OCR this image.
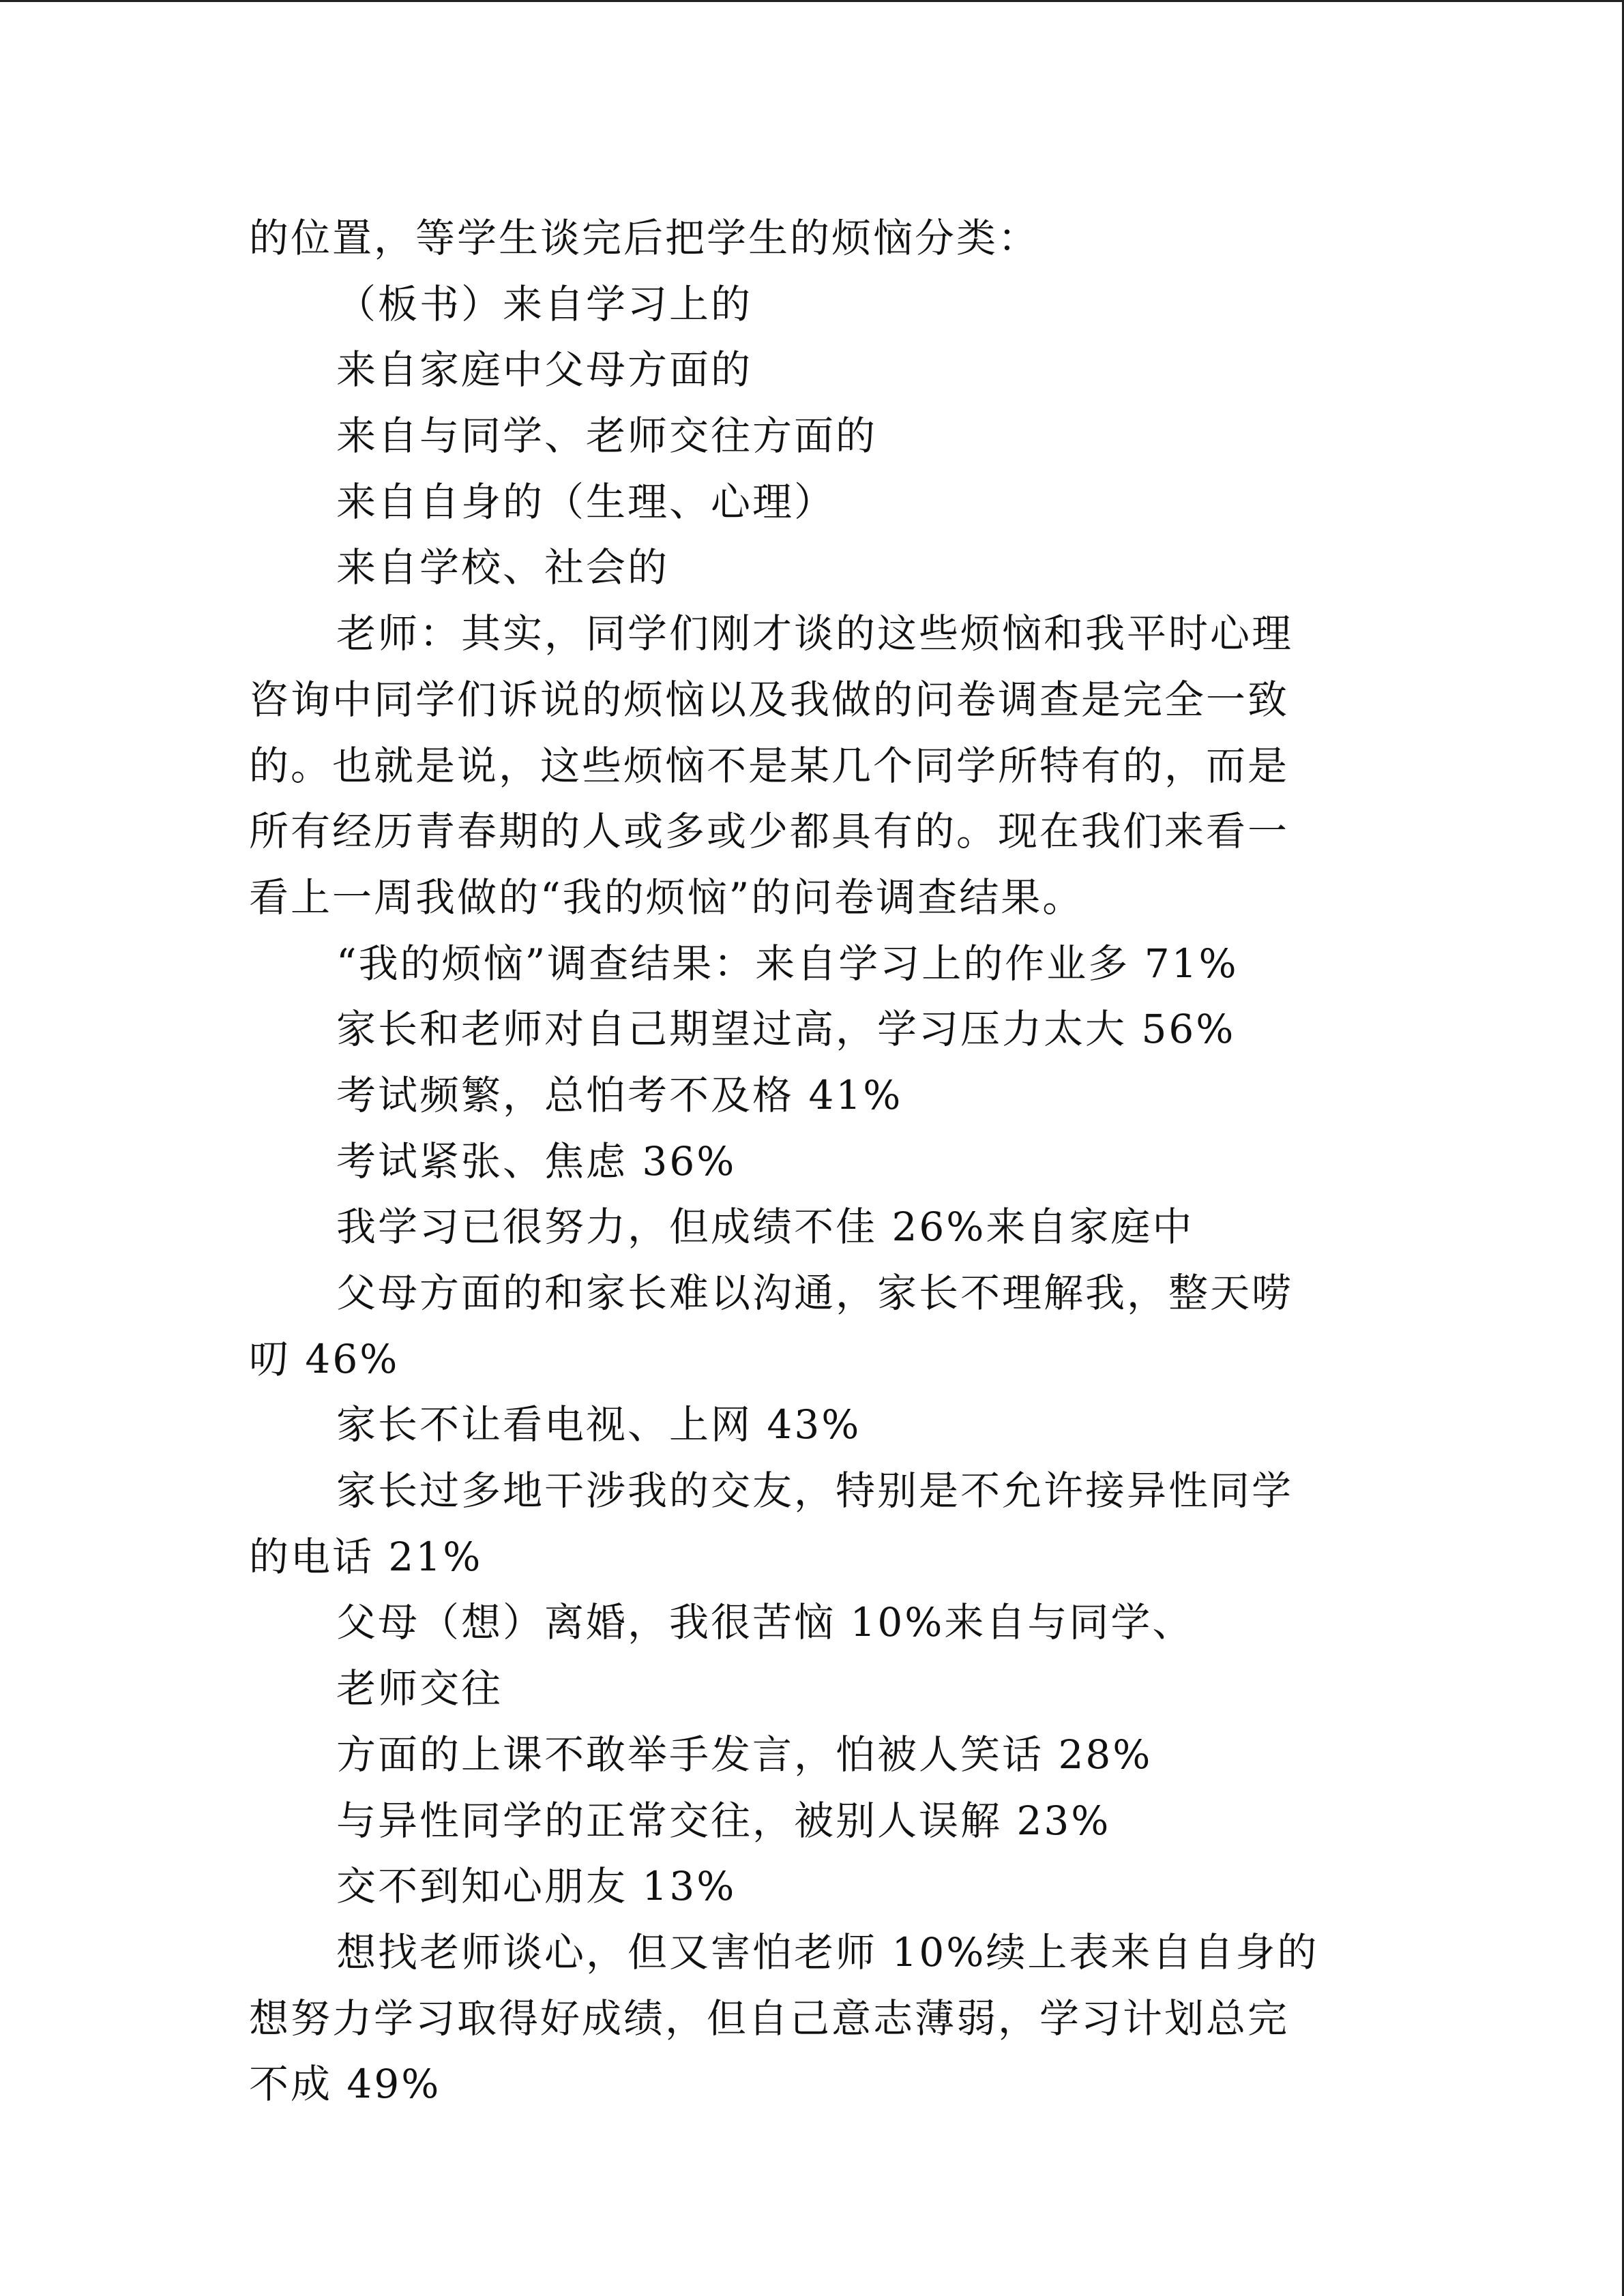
的位置，等学生谈完后把学生的烦恼分类：
（板书）来自学习上的
来自家庭中父母方面的
来自与同学、老师交往方面的
来自自身的（生理、心理）
来自学校、社会的
老师：其实，同学们刚才谈的这些烦恼和我平时心理
咨询中同学们诉说的烦恼以及我做的问卷调查是完全一致
的。也就是说，这些烦恼不是某几个同学所特有的，而是
所有经历青春期的人或多或少都具有的。现在我们来看一
看上一周我做的“我的烦恼”的问卷调查结果。
“我的烦恼”调查结果：来自学习上的作业多 71%
家长和老师对自己期望过高，学习压力太大 56%
考试频繁，总怕考不及格 41%
考试紧张、焦虑 36%
我学习已很努力，但成绩不佳 26%来自家庭中
父母方面的和家长难以沟通，家长不理解我，整天唠
叨 46%
家长不让看电视、上网 43%
家长过多地干涉我的交友，特别是不允许接异性同学
的电话 21%
父母（想）离婚，我很苦恼 10%来自与同学、
老师交往
方面的上课不敢举手发言，怕被人笑话 28%
与异性同学的正常交往，被别人误解 23%
交不到知心朋友 13%
想找老师谈心，但又害怕老师 10%续上表来自自身的
想努力学习取得好成绩，但自己意志薄弱，学习计划总完
不成 49%
